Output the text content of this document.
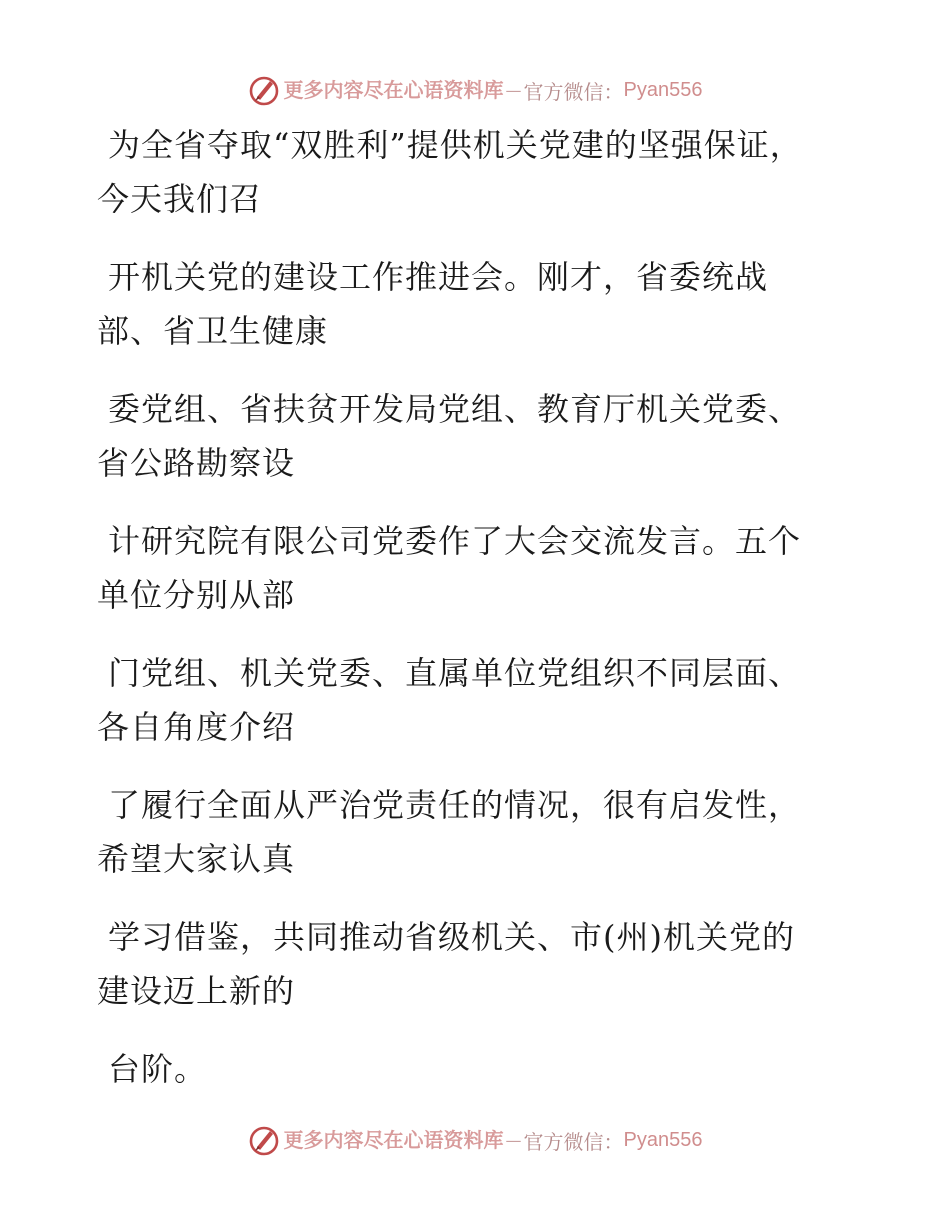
更多内容尽在心语资料库 — 官方微信： Pyan556

为全省夺取“双胜利”提供机关党建的坚强保证，今天我们召

开机关党的建设工作推进会。刚才，省委统战部、省卫生健康

委党组、省扶贫开发局党组、教育厅机关党委、省公路勘察设

计研究院有限公司党委作了大会交流发言。五个单位分别从部

门党组、机关党委、直属单位党组织不同层面、各自角度介绍

了履行全面从严治党责任的情况，很有启发性，希望大家认真

学习借鉴，共同推动省级机关、市(州)机关党的建设迈上新的

台阶。

更多内容尽在心语资料库 — 官方微信： Pyan556
